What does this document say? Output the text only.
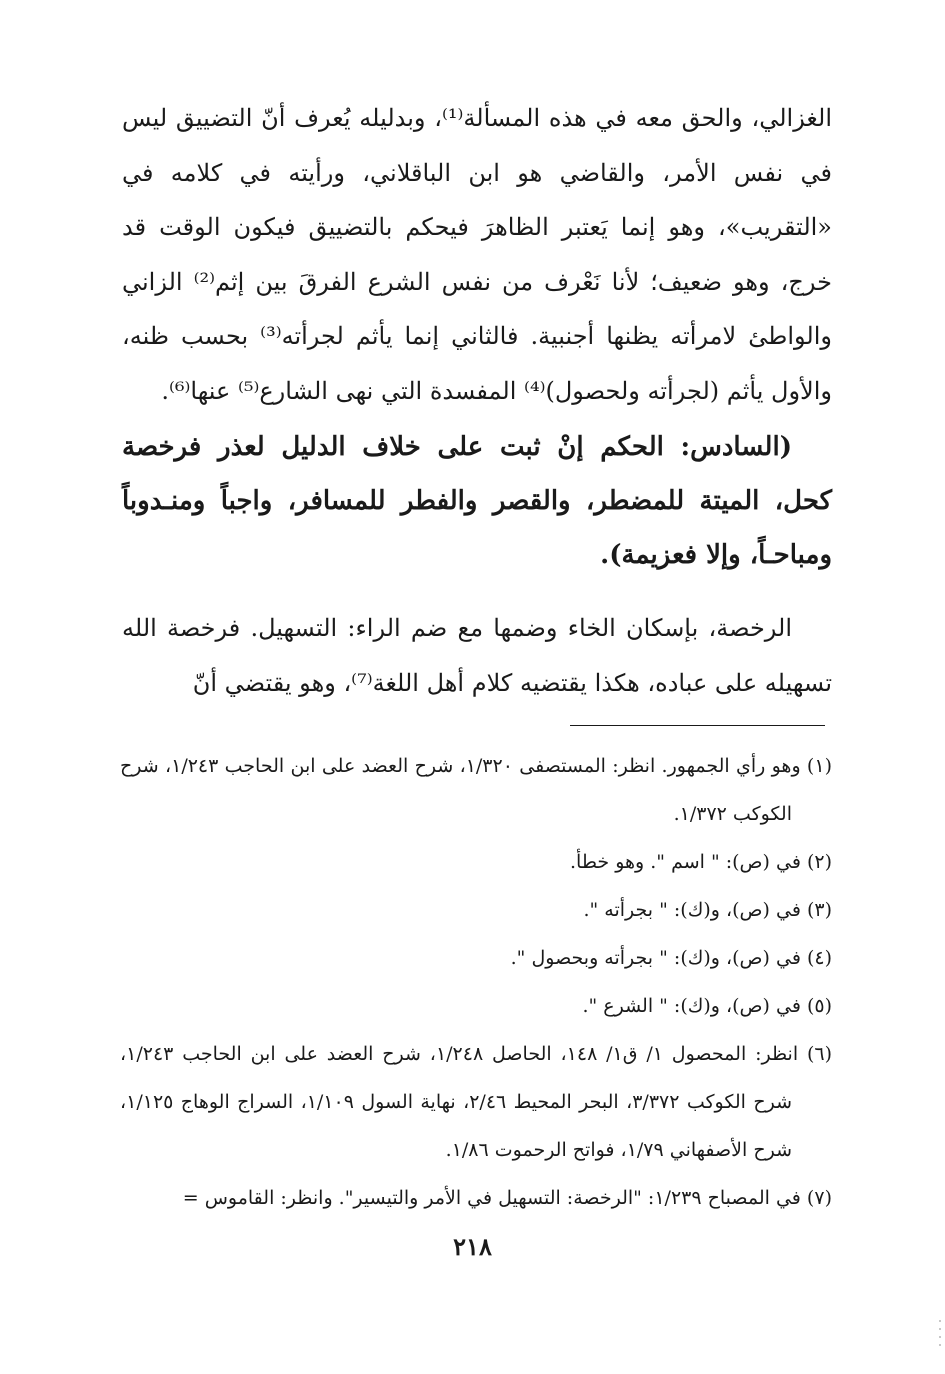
الغزالي، والحق معه في هذه المسألة⁽¹⁾، وبدليله يُعرف أنّ التضييق ليس في نفس الأمر، والقاضي هو ابن الباقلاني، ورأيته في كلامه في «التقريب»، وهو إنما يَعتبر الظاهرَ فيحكم بالتضييق فيكون الوقت قد خرج، وهو ضعيف؛ لأنا نَعْرف من نفس الشرع الفرقَ بين إثم⁽²⁾ الزاني والواطئ لامرأته يظنها أجنبية. فالثاني إنما يأثم لجرأته⁽³⁾ بحسب ظنه، والأول يأثم (لجرأته ولحصول)⁽⁴⁾ المفسدة التي نهى الشارع⁽⁵⁾ عنها⁽⁶⁾.

(السادس: الحكم إنْ ثبت على خلاف الدليل لعذر فرخصة كحل، الميتة للمضطر، والقصر والفطر للمسافر، واجباً ومنـدوباً ومباحـاً، وإلا فعزيمة).

الرخصة، بإسكان الخاء وضمها مع ضم الراء: التسهيل. فرخصة الله تسهيله على عباده، هكذا يقتضيه كلام أهل اللغة⁽⁷⁾، وهو يقتضي أنّ

(١) وهو رأي الجمهور. انظر: المستصفى ١/٣٢٠، شرح العضد على ابن الحاجب ١/٢٤٣، شرح الكوكب ١/٣٧٢.

(٢) في (ص): " اسم ". وهو خطأ.

(٣) في (ص)، و(ك): " بجرأته ".

(٤) في (ص)، و(ك): " بجرأته وبحصول ".

(٥) في (ص)، و(ك): " الشرع ".

(٦) انظر: المحصول ١/ ق١/ ١٤٨، الحاصل ١/٢٤٨، شرح العضد على ابن الحاجب ١/٢٤٣، شرح الكوكب ٣/٣٧٢، البحر المحيط ٢/٤٦، نهاية السول ١/١٠٩، السراج الوهاج ١/١٢٥، شرح الأصفهاني ١/٧٩، فواتح الرحموت ١/٨٦.

(٧) في المصباح ١/٢٣٩: "الرخصة: التسهيل في الأمر والتيسير". وانظر: القاموس =

٢١٨
